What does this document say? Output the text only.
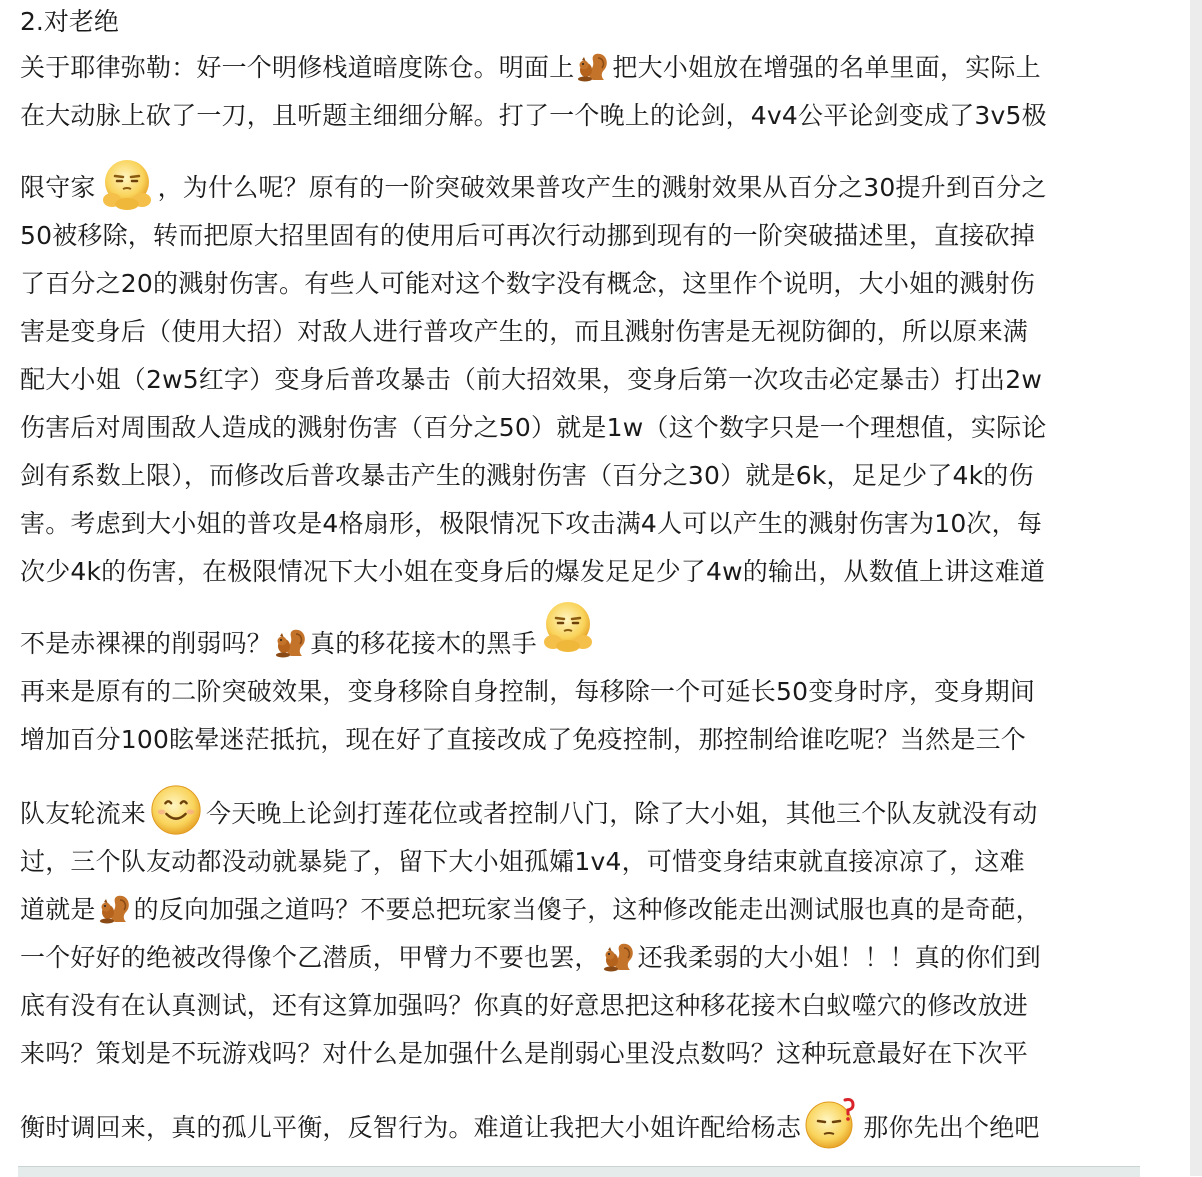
2.对老绝
关于耶律弥勒：好一个明修栈道暗度陈仓。明面上 把大小姐放在增强的名单里面，实际上
在大动脉上砍了一刀，且听题主细细分解。打了一个晚上的论剑，4v4公平论剑变成了3v5极
限守家 ，为什么呢？原有的一阶突破效果普攻产生的溅射效果从百分之30提升到百分之
50被移除，转而把原大招里固有的使用后可再次行动挪到现有的一阶突破描述里，直接砍掉
了百分之20的溅射伤害。有些人可能对这个数字没有概念，这里作个说明，大小姐的溅射伤
害是变身后（使用大招）对敌人进行普攻产生的，而且溅射伤害是无视防御的，所以原来满
配大小姐（2w5红字）变身后普攻暴击（前大招效果，变身后第一次攻击必定暴击）打出2w
伤害后对周围敌人造成的溅射伤害（百分之50）就是1w（这个数字只是一个理想值，实际论
剑有系数上限），而修改后普攻暴击产生的溅射伤害（百分之30）就是6k，足足少了4k的伤
害。考虑到大小姐的普攻是4格扇形，极限情况下攻击满4人可以产生的溅射伤害为10次，每
次少4k的伤害，在极限情况下大小姐在变身后的爆发足足少了4w的输出，从数值上讲这难道
不是赤裸裸的削弱吗？ 真的移花接木的黑手
再来是原有的二阶突破效果，变身移除自身控制，每移除一个可延长50变身时序，变身期间
增加百分100眩晕迷茫抵抗，现在好了直接改成了免疫控制，那控制给谁吃呢？当然是三个
队友轮流来 今天晚上论剑打莲花位或者控制八门，除了大小姐，其他三个队友就没有动
过，三个队友动都没动就暴毙了，留下大小姐孤孀1v4，可惜变身结束就直接凉凉了，这难
道就是 的反向加强之道吗？不要总把玩家当傻子，这种修改能走出测试服也真的是奇葩，
一个好好的绝被改得像个乙潜质，甲臂力不要也罢， 还我柔弱的大小姐！！！真的你们到
底有没有在认真测试，还有这算加强吗？你真的好意思把这种移花接木白蚁噬穴的修改放进
来吗？策划是不玩游戏吗？对什么是加强什么是削弱心里没点数吗？这种玩意最好在下次平
衡时调回来，真的孤儿平衡，反智行为。难道让我把大小姐许配给杨志 那你先出个绝吧
